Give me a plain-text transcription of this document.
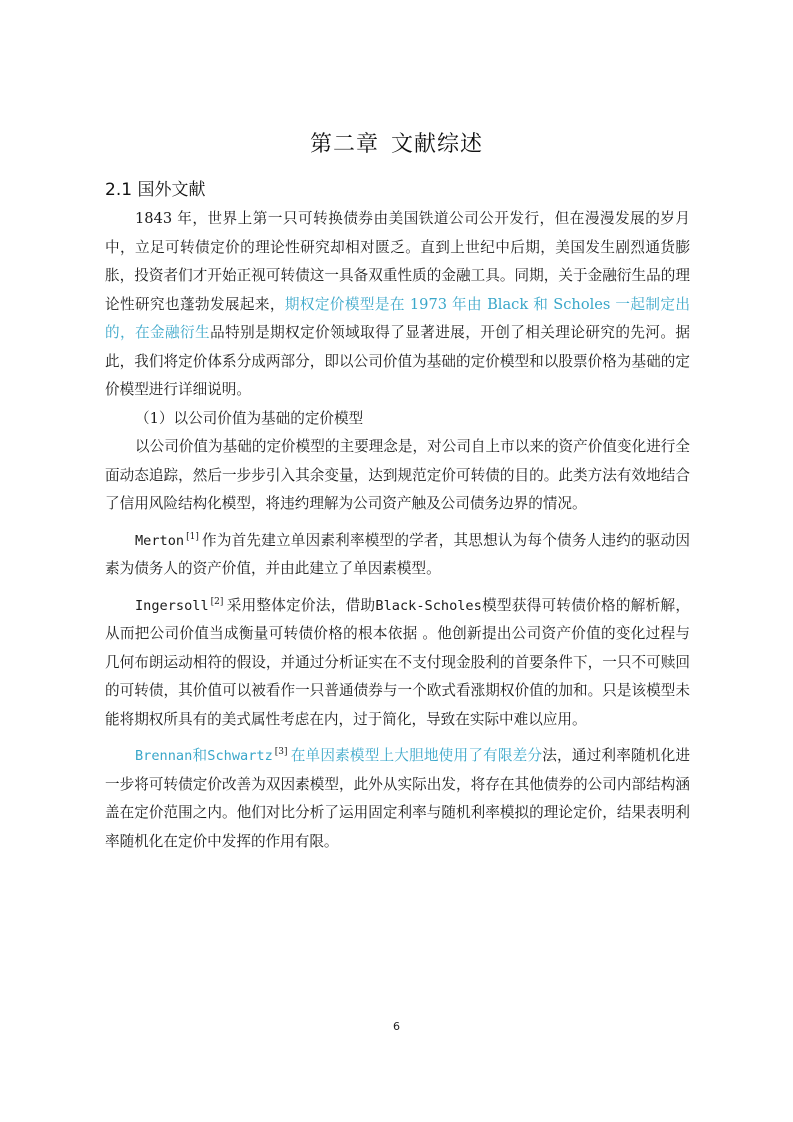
第二章 文献综述
2.1 国外文献

1843 年，世界上第一只可转换债券由美国铁道公司公开发行，但在漫漫发展的岁月中，立足可转债定价的理论性研究却相对匮乏。直到上世纪中后期，美国发生剧烈通货膨胀，投资者们才开始正视可转债这一具备双重性质的金融工具。同期，关于金融衍生品的理论性研究也蓬勃发展起来，期权定价模型是在 1973 年由 Black 和 Scholes 一起制定出的，在金融衍生品特别是期权定价领域取得了显著进展，开创了相关理论研究的先河。据此，我们将定价体系分成两部分，即以公司价值为基础的定价模型和以股票价格为基础的定价模型进行详细说明。

（1）以公司价值为基础的定价模型

以公司价值为基础的定价模型的主要理念是，对公司自上市以来的资产价值变化进行全面动态追踪，然后一步步引入其余变量，达到规范定价可转债的目的。此类方法有效地结合了信用风险结构化模型，将违约理解为公司资产触及公司债务边界的情况。

Merton [1] 作为首先建立单因素利率模型的学者，其思想认为每个债务人违约的驱动因素为债务人的资产价值，并由此建立了单因素模型。

Ingersoll [2] 采用整体定价法，借助Black-Scholes模型获得可转债价格的解析解，从而把公司价值当成衡量可转债价格的根本依据 。他创新提出公司资产价值的变化过程与几何布朗运动相符的假设，并通过分析证实在不支付现金股利的首要条件下，一只不可赎回的可转债，其价值可以被看作一只普通债券与一个欧式看涨期权价值的加和。只是该模型未能将期权所具有的美式属性考虑在内，过于简化，导致在实际中难以应用。

Brennan和Schwartz [3] 在单因素模型上大胆地使用了有限差分法，通过利率随机化进一步将可转债定价改善为双因素模型，此外从实际出发，将存在其他债券的公司内部结构涵盖在定价范围之内。他们对比分析了运用固定利率与随机利率模拟的理论定价，结果表明利率随机化在定价中发挥的作用有限。

6
